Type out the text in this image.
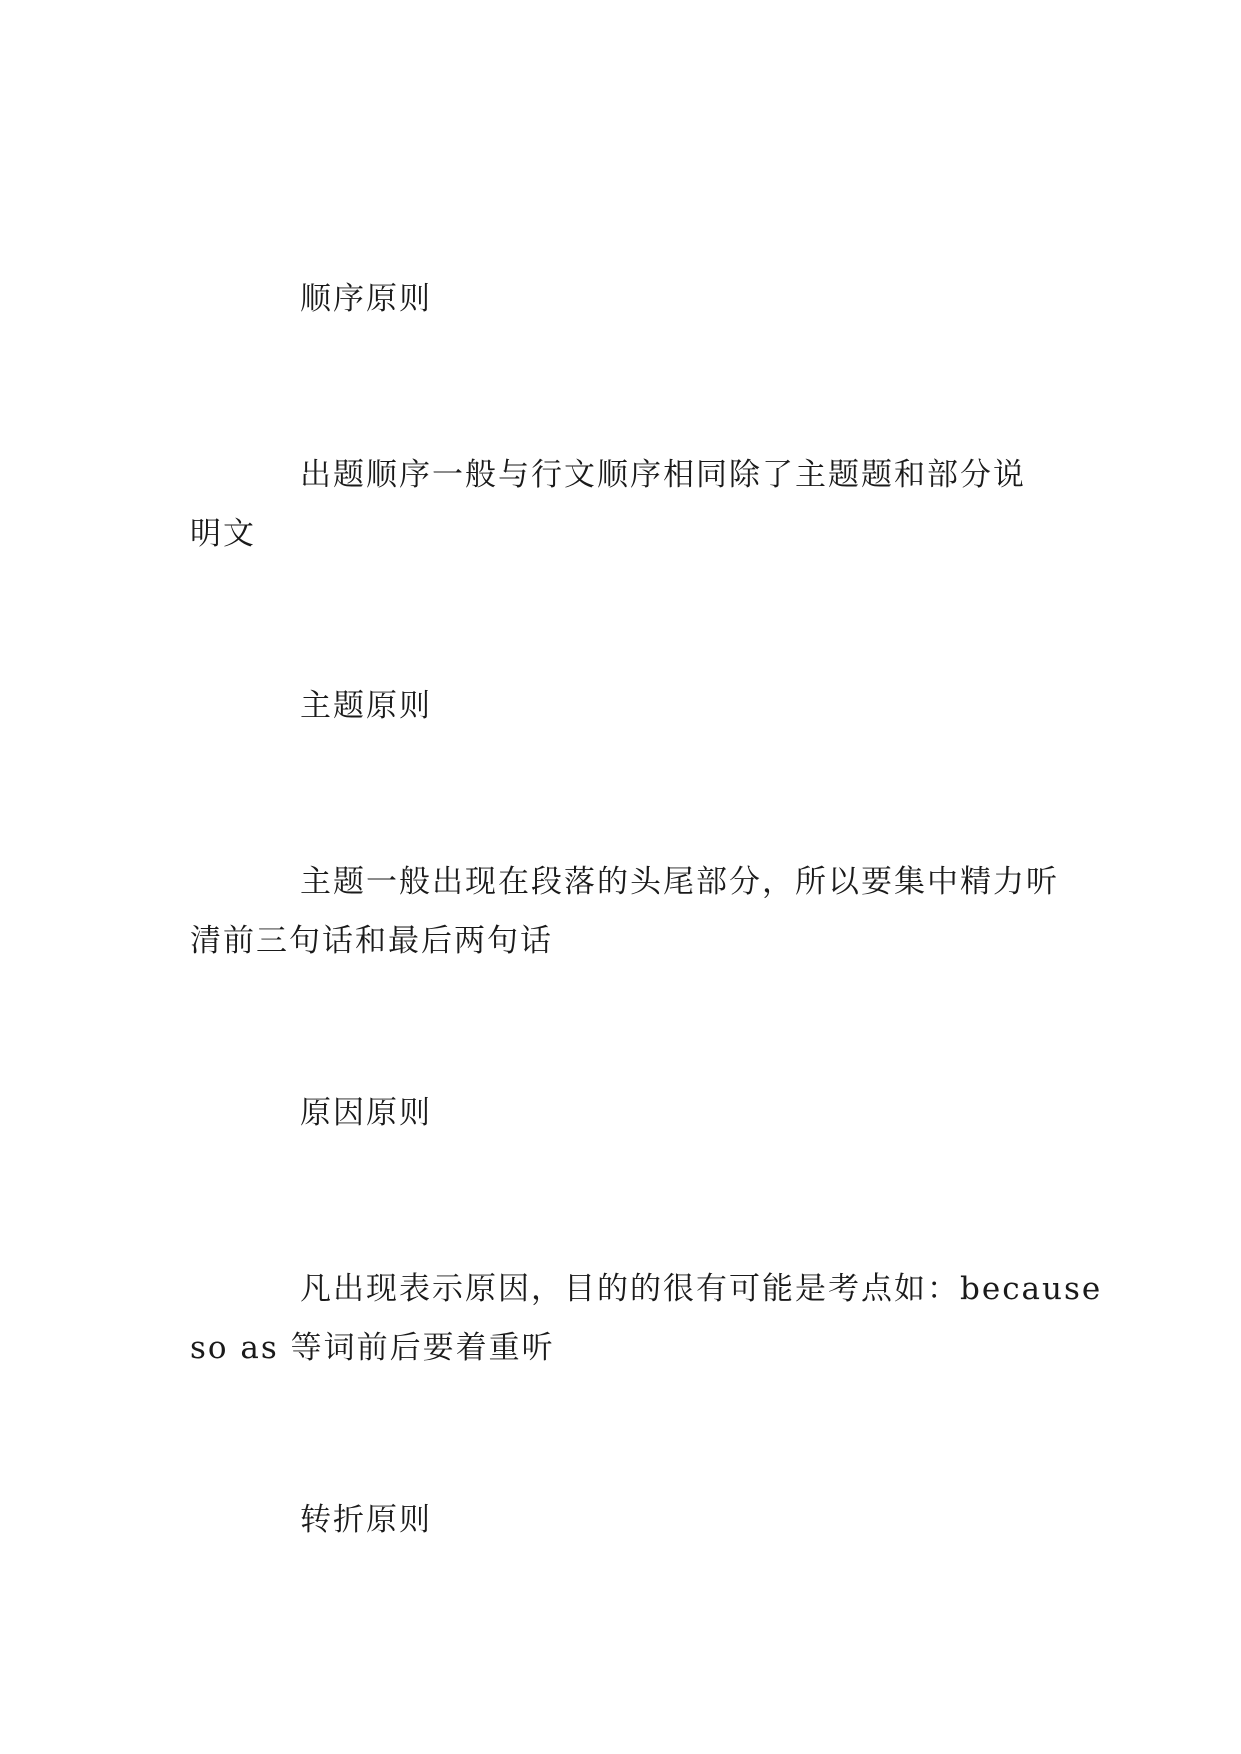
顺序原则

出题顺序一般与行文顺序相同除了主题题和部分说
明文

主题原则

主题一般出现在段落的头尾部分，所以要集中精力听
清前三句话和最后两句话

原因原则

凡出现表示原因，目的的很有可能是考点如：because
so as 等词前后要着重听

转折原则
